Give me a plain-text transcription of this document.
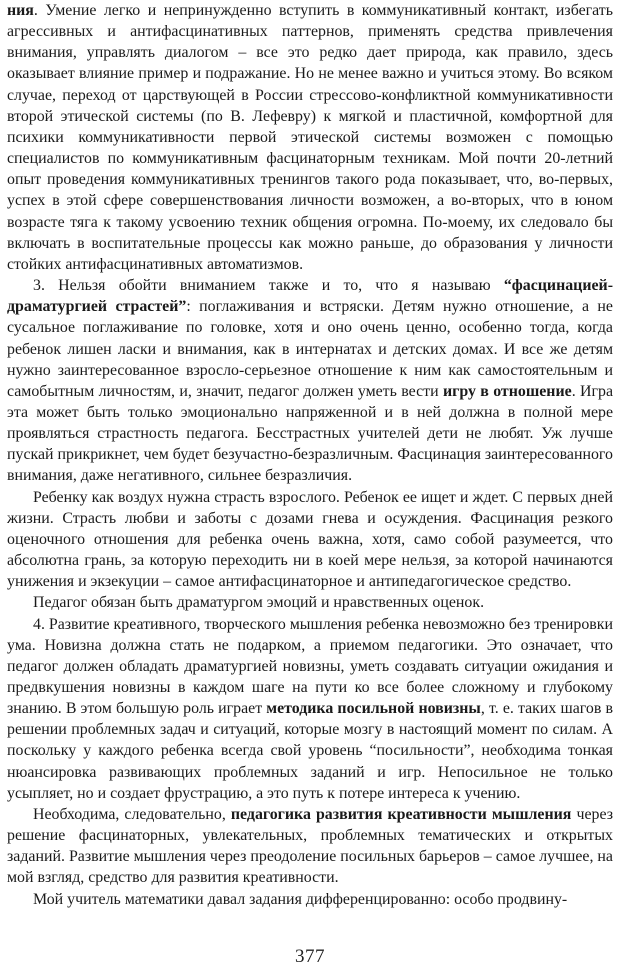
ния. Умение легко и непринужденно вступить в коммуникативный контакт, избегать агрессивных и антифасцинативных паттернов, применять средства привлечения внимания, управлять диалогом – все это редко дает природа, как правило, здесь оказывает влияние пример и подражание. Но не менее важно и учиться этому. Во всяком случае, переход от царствующей в России стрессово-конфликтной коммуникативности второй этической системы (по В. Лефевру) к мягкой и пластичной, комфортной для психики коммуникативности первой этической системы возможен с помощью специалистов по коммуникативным фасцинаторным техникам. Мой почти 20-летний опыт проведения коммуникативных тренингов такого рода показывает, что, во-первых, успех в этой сфере совершенствования личности возможен, а во-вторых, что в юном возрасте тяга к такому усвоению техник общения огромна. По-моему, их следовало бы включать в воспитательные процессы как можно раньше, до образования у личности стойких антифасцинативных автоматизмов.

3. Нельзя обойти вниманием также и то, что я называю “фасцинацией-драматургией страстей”: поглаживания и встряски. Детям нужно отношение, а не сусальное поглаживание по головке, хотя и оно очень ценно, особенно тогда, когда ребенок лишен ласки и внимания, как в интернатах и детских домах. И все же детям нужно заинтересованное взросло-серьезное отношение к ним как самостоятельным и самобытным личностям, и, значит, педагог должен уметь вести игру в отношение. Игра эта может быть только эмоционально напряженной и в ней должна в полной мере проявляться страстность педагога. Бесстрастных учителей дети не любят. Уж лучше пускай прикрикнет, чем будет безучастно-безразличным. Фасцинация заинтересованного внимания, даже негативного, сильнее безразличия.

Ребенку как воздух нужна страсть взрослого. Ребенок ее ищет и ждет. С первых дней жизни. Страсть любви и заботы с дозами гнева и осуждения. Фасцинация резкого оценочного отношения для ребенка очень важна, хотя, само собой разумеется, что абсолютна грань, за которую переходить ни в коей мере нельзя, за которой начинаются унижения и экзекуции – самое антифасцинаторное и антипедагогическое средство.

Педагог обязан быть драматургом эмоций и нравственных оценок.

4. Развитие креативного, творческого мышления ребенка невозможно без тренировки ума. Новизна должна стать не подарком, а приемом педагогики. Это означает, что педагог должен обладать драматургией новизны, уметь создавать ситуации ожидания и предвкушения новизны в каждом шаге на пути ко все более сложному и глубокому знанию. В этом большую роль играет методика посильной новизны, т. е. таких шагов в решении проблемных задач и ситуаций, которые мозгу в настоящий момент по силам. А поскольку у каждого ребенка всегда свой уровень “посильности”, необходима тонкая нюансировка развивающих проблемных заданий и игр. Непосильное не только усыпляет, но и создает фрустрацию, а это путь к потере интереса к учению.

Необходима, следовательно, педагогика развития креативности мышления через решение фасцинаторных, увлекательных, проблемных тематических и открытых заданий. Развитие мышления через преодоление посильных барьеров – самое лучшее, на мой взгляд, средство для развития креативности.

Мой учитель математики давал задания дифференцированно: особо продвину-

377
